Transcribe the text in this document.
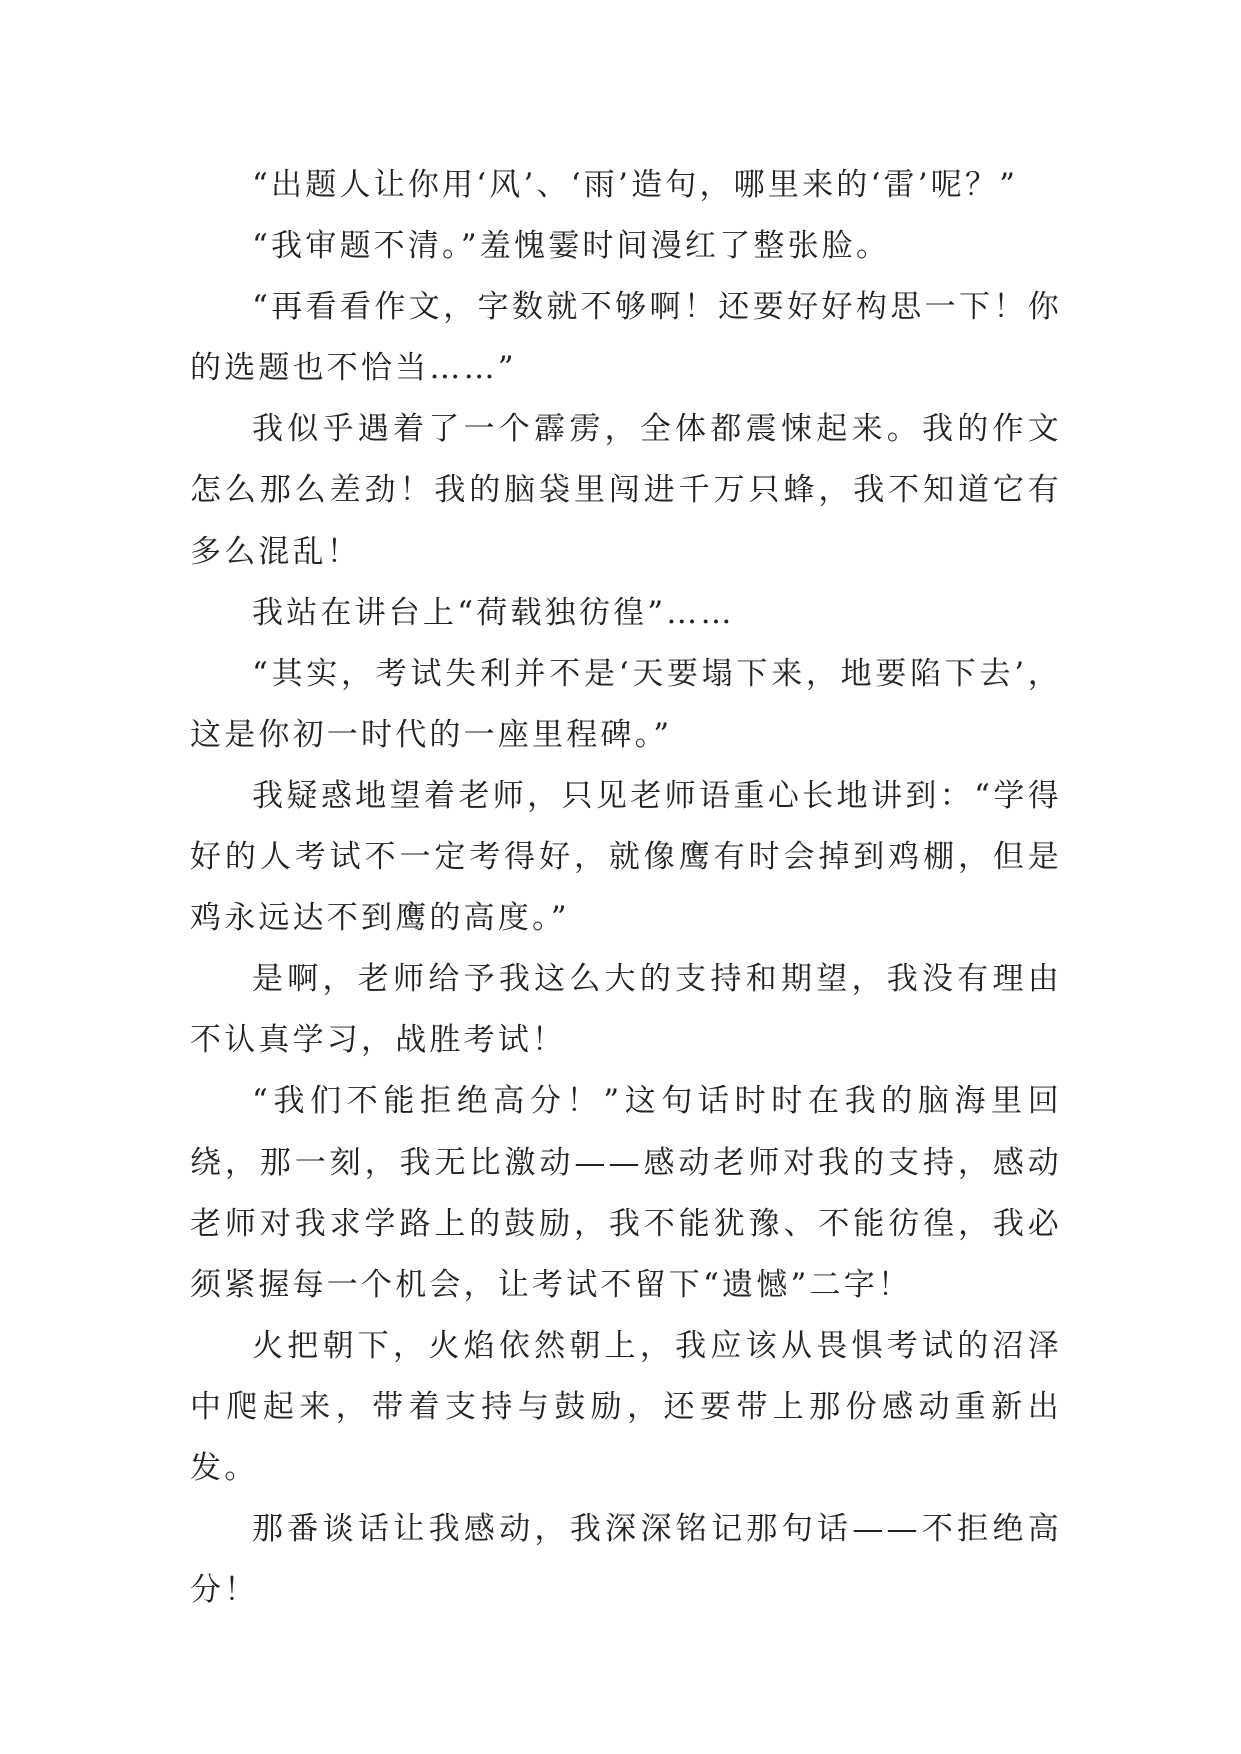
“出题人让你用‘风’、‘雨’造句，哪里来的‘雷’呢？”

“我审题不清。”羞愧霎时间漫红了整张脸。

“再看看作文，字数就不够啊！还要好好构思一下！你的选题也不恰当……”

我似乎遇着了一个霹雳，全体都震悚起来。我的作文怎么那么差劲！我的脑袋里闯进千万只蜂，我不知道它有多么混乱！

我站在讲台上“荷载独彷徨”……

“其实，考试失利并不是‘天要塌下来，地要陷下去’，这是你初一时代的一座里程碑。”

我疑惑地望着老师，只见老师语重心长地讲到：“学得好的人考试不一定考得好，就像鹰有时会掉到鸡棚，但是鸡永远达不到鹰的高度。”

是啊，老师给予我这么大的支持和期望，我没有理由不认真学习，战胜考试！

“我们不能拒绝高分！”这句话时时在我的脑海里回绕，那一刻，我无比激动——感动老师对我的支持，感动老师对我求学路上的鼓励，我不能犹豫、不能彷徨，我必须紧握每一个机会，让考试不留下“遗憾”二字！

火把朝下，火焰依然朝上，我应该从畏惧考试的沼泽中爬起来，带着支持与鼓励，还要带上那份感动重新出发。

那番谈话让我感动，我深深铭记那句话——不拒绝高分！
